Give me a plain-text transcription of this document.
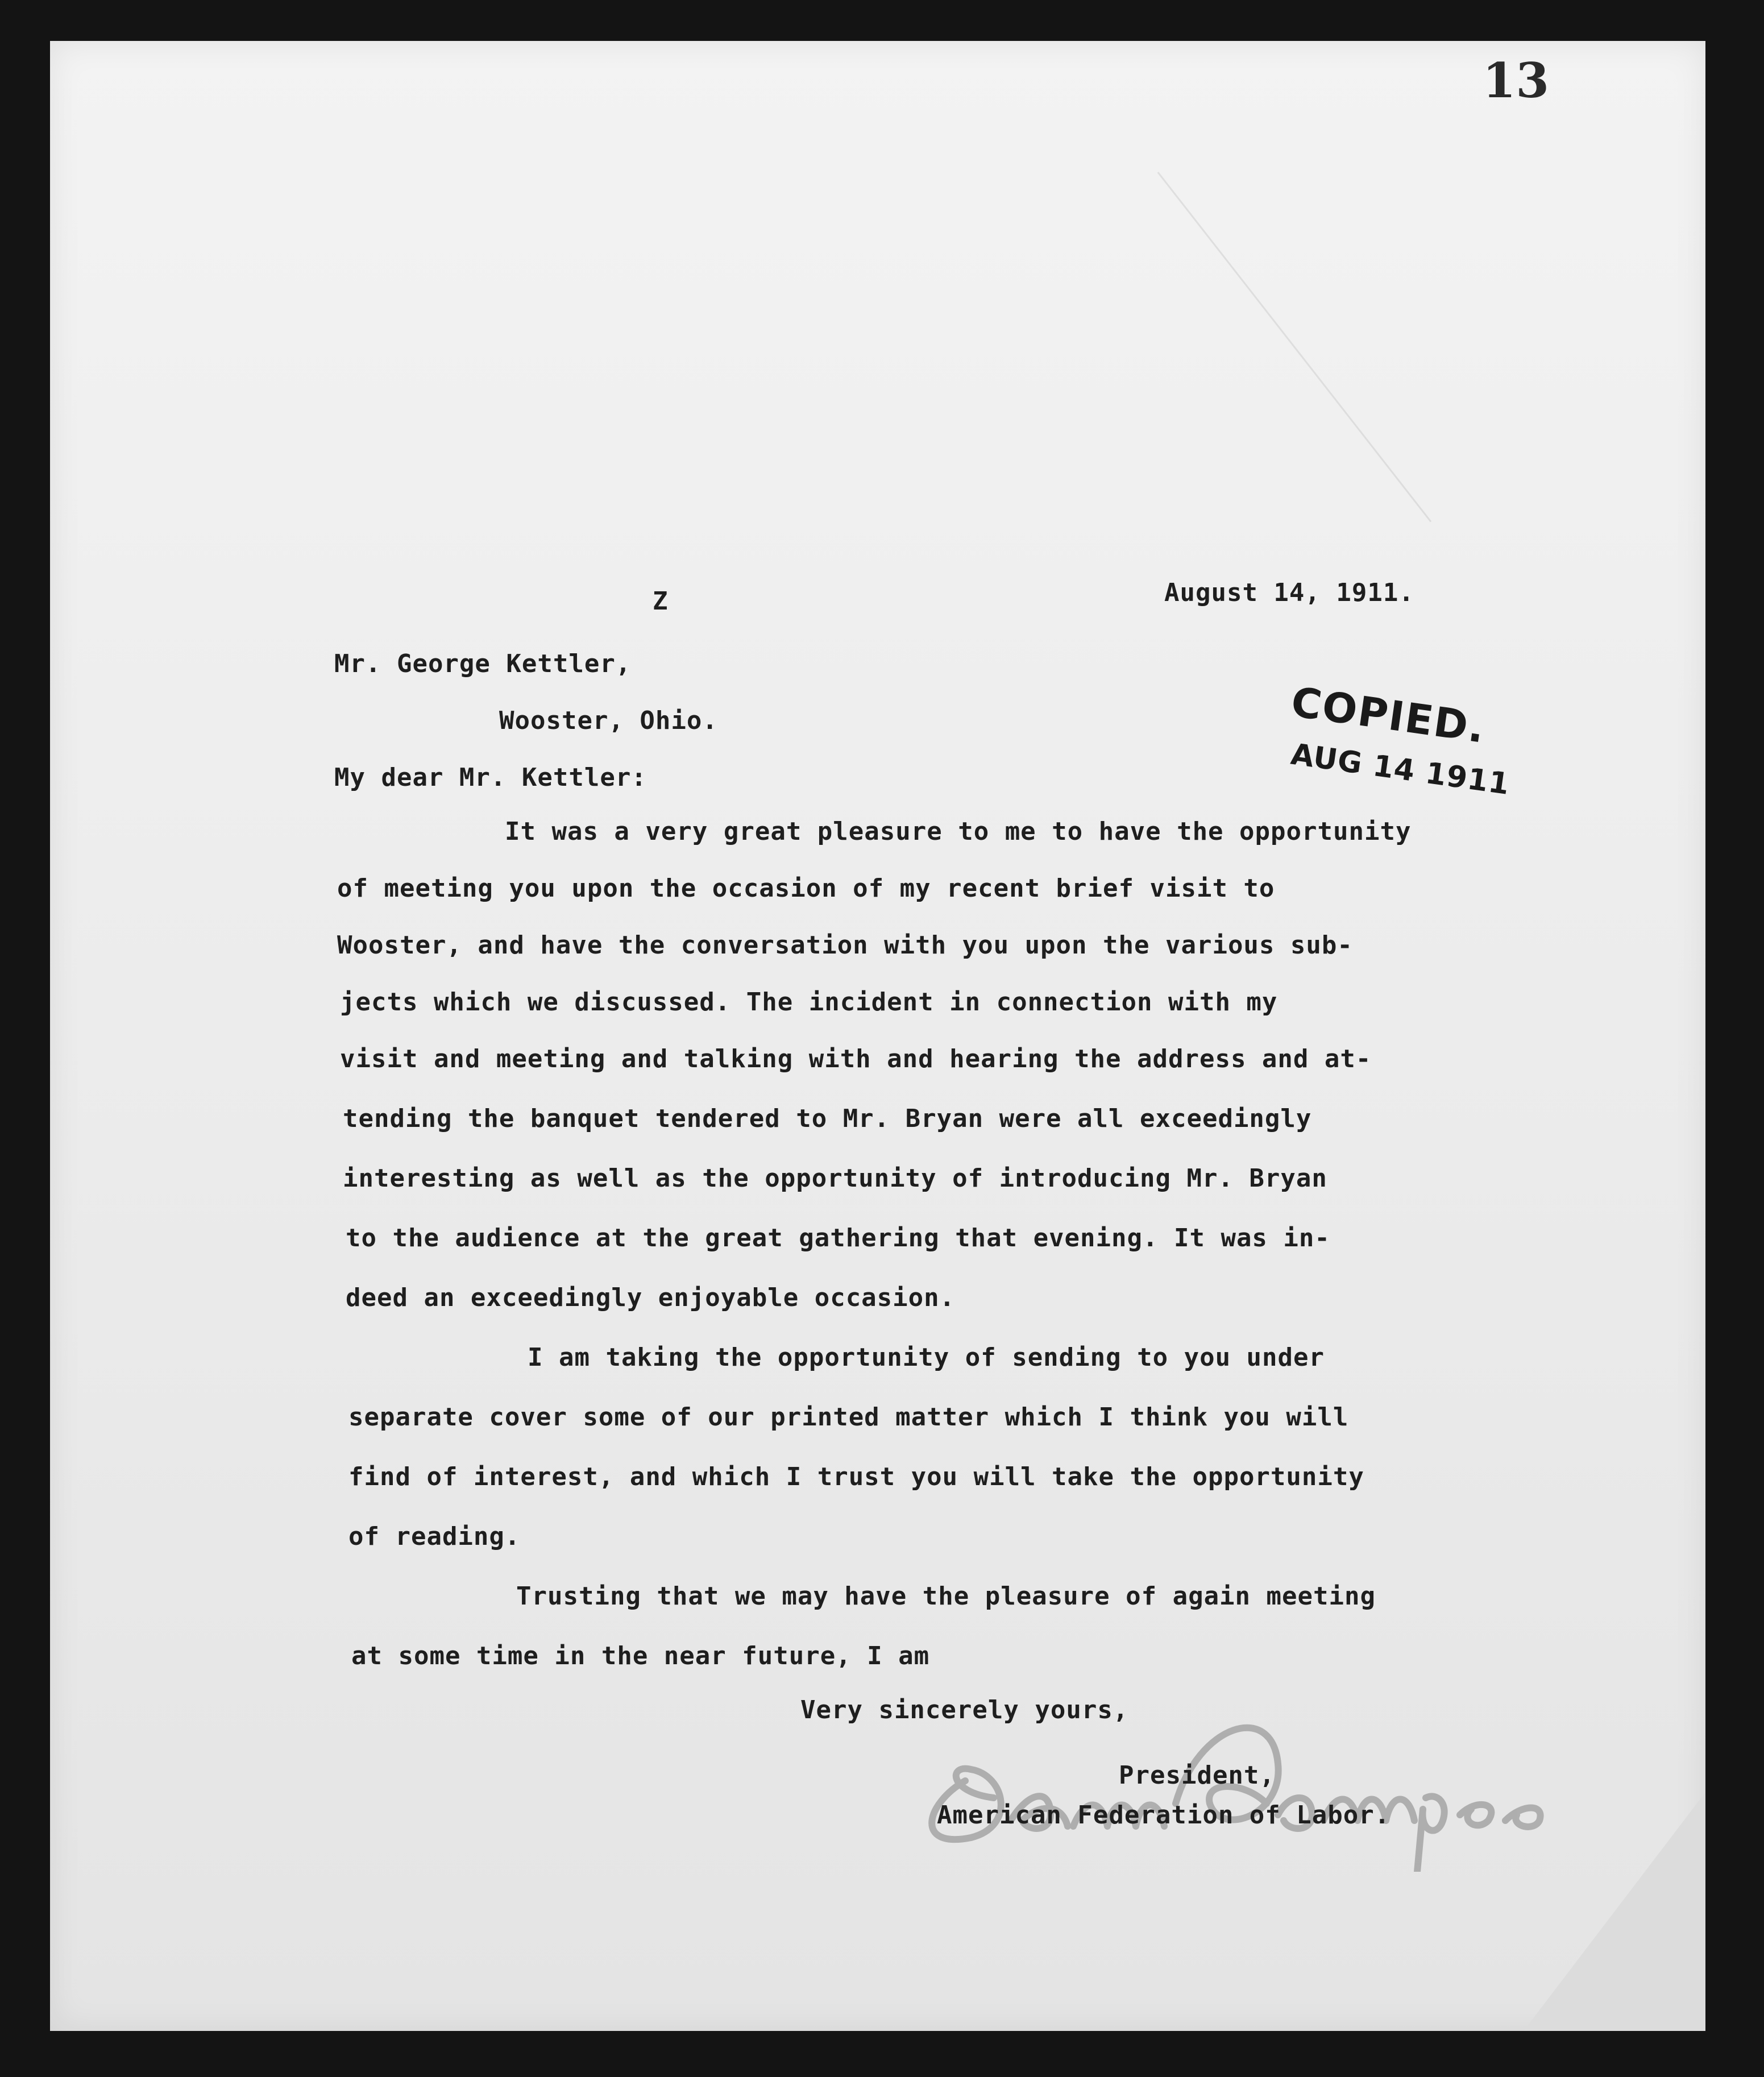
13
Z	August 14, 1911.
COPIED.
AUG 14 1911
Mr. George Kettler,
Wooster, Ohio.
My dear Mr. Kettler:
It was a very great pleasure to me to have the opportunity
of meeting you upon the occasion of my recent brief visit to
Wooster, and have the conversation with you upon the various sub-
jects which we discussed. The incident in connection with my
visit and meeting and talking with and hearing the address and at-
tending the banquet tendered to Mr. Bryan were all exceedingly
interesting as well as the opportunity of introducing Mr. Bryan
to the audience at the great gathering that evening. It was in-
deed an exceedingly enjoyable occasion.
I am taking the opportunity of sending to you under
separate cover some of our printed matter which I think you will
find of interest, and which I trust you will take the opportunity
of reading.
Trusting that we may have the pleasure of again meeting
at some time in the near future, I am
Very sincerely yours,
President,
American Federation of Labor.
